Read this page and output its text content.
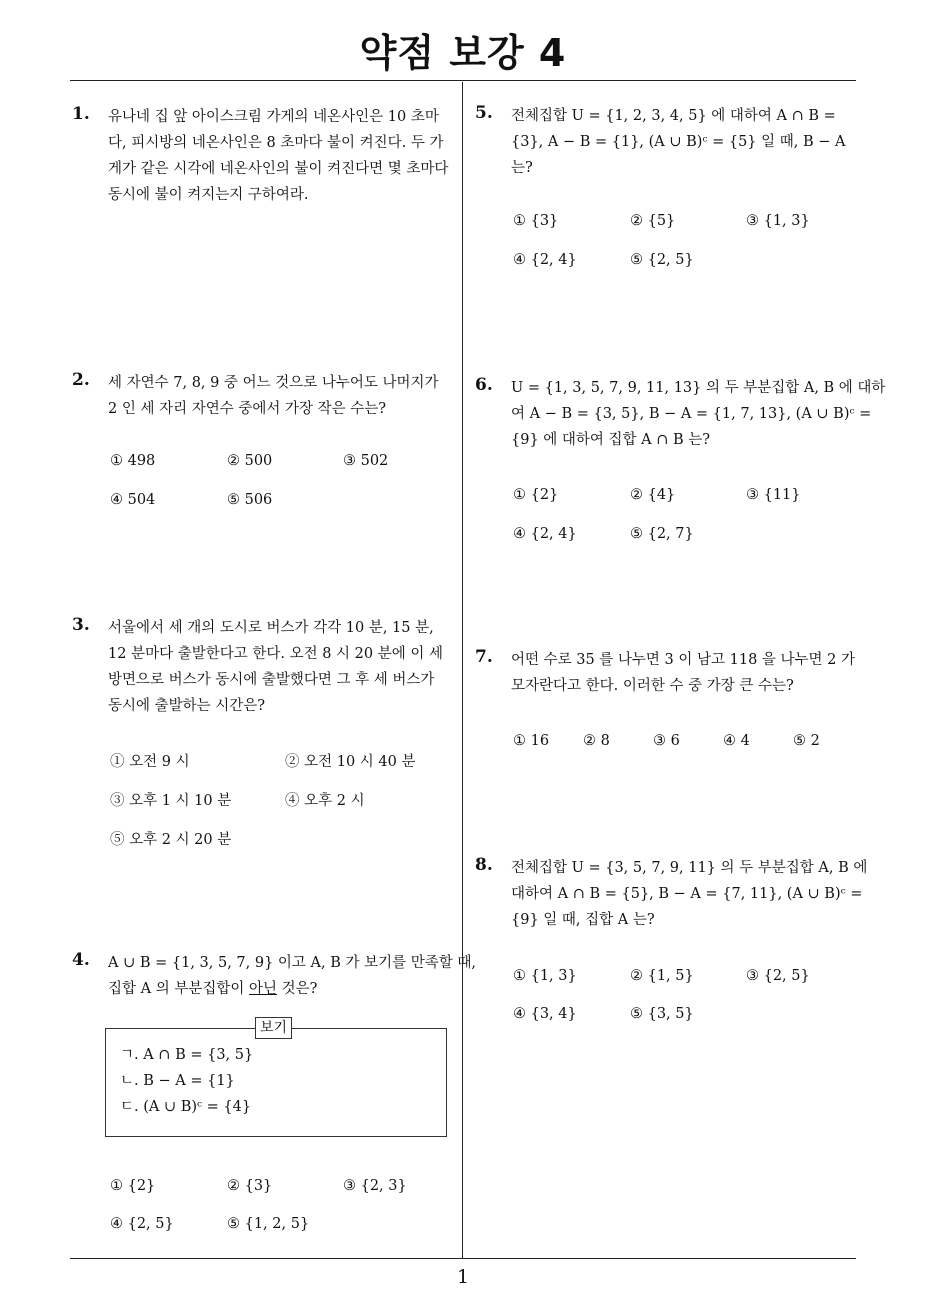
약점 보강 4
1
1. 유나네 집 앞 아이스크림 가게의 네온사인은 10 초마
다, 피시방의 네온사인은 8 초마다 불이 켜진다. 두 가
게가 같은 시각에 네온사인의 불이 켜진다면 몇 초마다
동시에 불이 켜지는지 구하여라.
2. 세 자연수 7, 8, 9 중 어느 것으로 나누어도 나머지가
2 인 세 자리 자연수 중에서 가장 작은 수는?
① 498	② 500	③ 502
④ 504	⑤ 506
3. 서울에서 세 개의 도시로 버스가 각각 10 분, 15 분,
12 분마다 출발한다고 한다. 오전 8 시 20 분에 이 세
방면으로 버스가 동시에 출발했다면 그 후 세 버스가
동시에 출발하는 시간은?
① 오전 9 시	② 오전 10 시 40 분
③ 오후 1 시 10 분	④ 오후 2 시
⑤ 오후 2 시 20 분
4. A ∪ B = {1, 3, 5, 7, 9} 이고 A, B 가 보기를 만족할 때,
집합 A 의 부분집합이 아닌 것은?
ㄱ. A ∩ B = {3, 5}
ㄴ. B − A = {1}
ㄷ. (A ∪ B)ᶜ = {4}
보기
① {2}	② {3}	③ {2, 3}
④ {2, 5}	⑤ {1, 2, 5}
5. 전체집합 U = {1, 2, 3, 4, 5} 에 대하여 A ∩ B =
{3}, A − B = {1}, (A ∪ B)ᶜ = {5} 일 때, B − A
는?
① {3}	② {5}	③ {1, 3}
④ {2, 4}	⑤ {2, 5}
6. U = {1, 3, 5, 7, 9, 11, 13} 의 두 부분집합 A, B 에 대하
여 A − B = {3, 5}, B − A = {1, 7, 13}, (A ∪ B)ᶜ =
{9} 에 대하여 집합 A ∩ B 는?
① {2}	② {4}	③ {11}
④ {2, 4}	⑤ {2, 7}
7. 어떤 수로 35 를 나누면 3 이 남고 118 을 나누면 2 가
모자란다고 한다. 이러한 수 중 가장 큰 수는?
① 16 ② 8	③ 6	④ 4	⑤ 2
8. 전체집합 U = {3, 5, 7, 9, 11} 의 두 부분집합 A, B 에
대하여 A ∩ B = {5}, B − A = {7, 11}, (A ∪ B)ᶜ =
{9} 일 때, 집합 A 는?
① {1, 3}	② {1, 5}	③ {2, 5}
④ {3, 4}	⑤ {3, 5}
